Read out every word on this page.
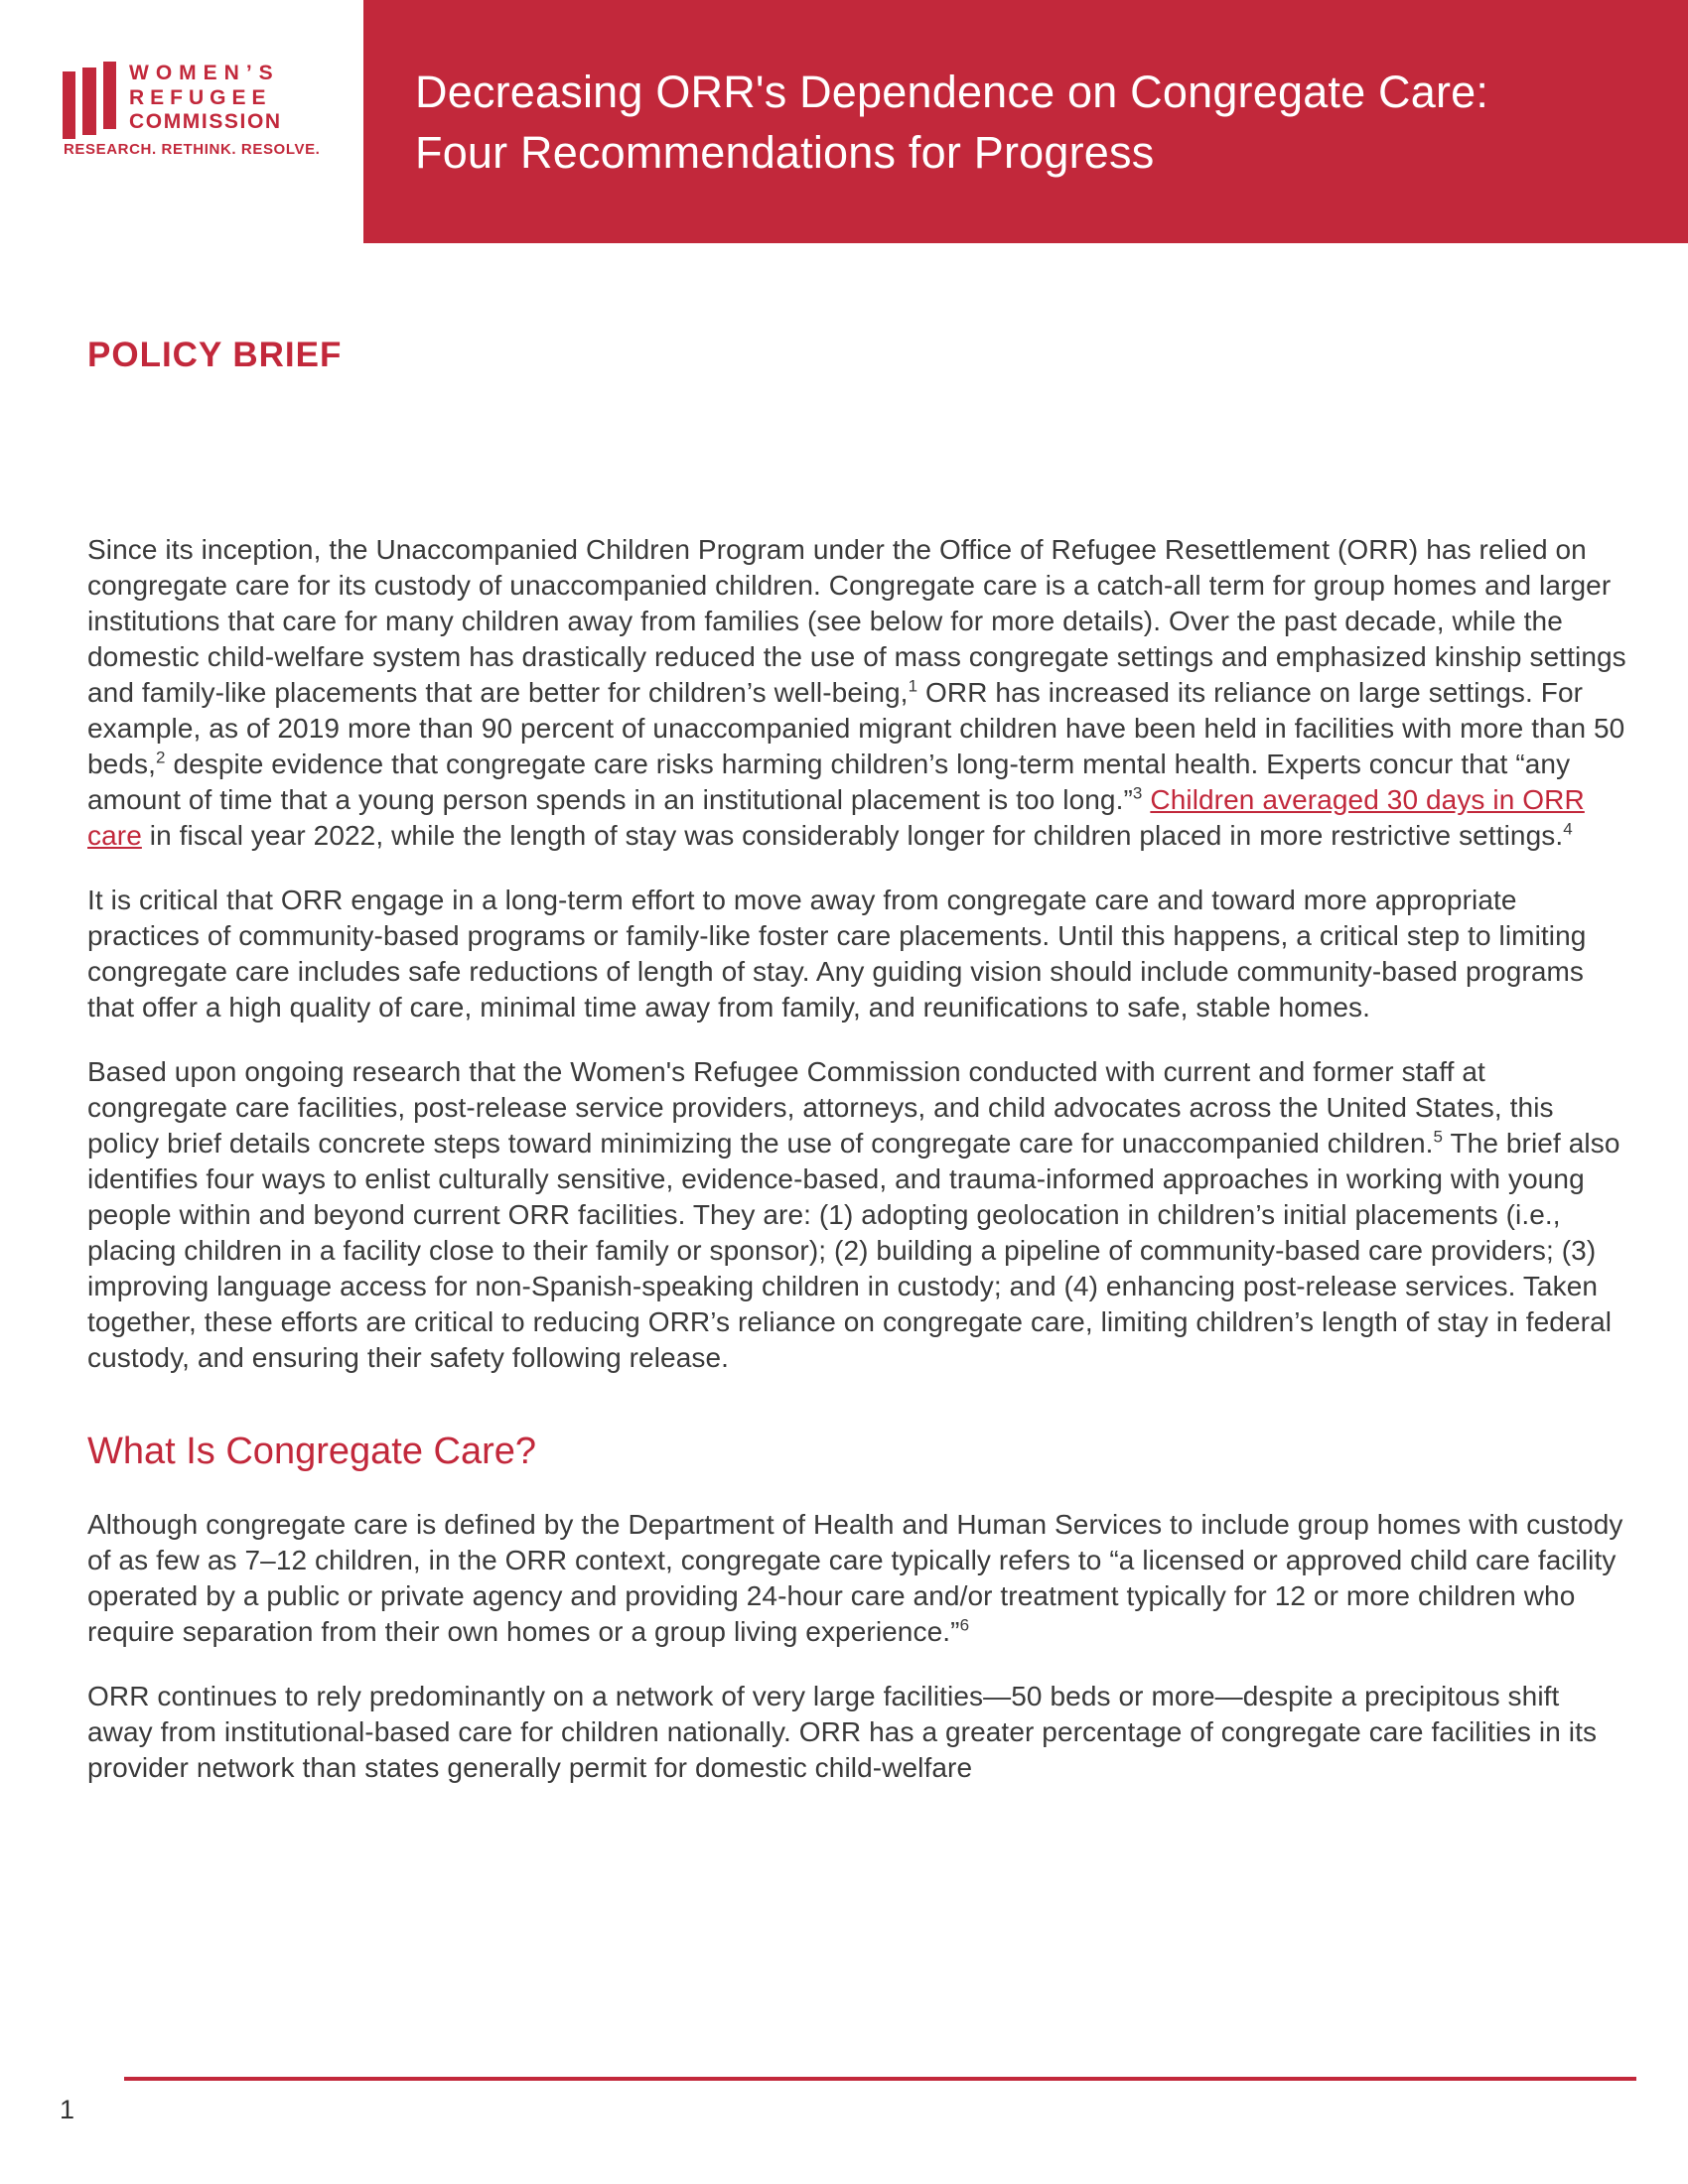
WOMEN’S
REFUGEE
COMMISSION
RESEARCH. RETHINK. RESOLVE.
Decreasing ORR's Dependence on Congregate Care:
Four Recommendations for Progress
POLICY BRIEF

Since its inception, the Unaccompanied Children Program under the Office of Refugee Resettlement (ORR) has relied on congregate care for its custody of unaccompanied children. Congregate care is a catch-all term for group homes and larger institutions that care for many children away from families (see below for more details). Over the past decade, while the domestic child-welfare system has drastically reduced the use of mass congregate settings and emphasized kinship settings and family-like placements that are better for children’s well-being,$^1$ ORR has increased its reliance on large settings. For example, as of 2019 more than 90 percent of unaccompanied migrant children have been held in facilities with more than 50 beds,$^2$ despite evidence that congregate care risks harming children’s long-term mental health. Experts concur that “any amount of time that a young person spends in an institutional placement is too long.”$^3$ Children averaged 30 days in ORR care in fiscal year 2022, while the length of stay was considerably longer for children placed in more restrictive settings.$^4$

It is critical that ORR engage in a long-term effort to move away from congregate care and toward more appropriate practices of community-based programs or family-like foster care placements. Until this happens, a critical step to limiting congregate care includes safe reductions of length of stay. Any guiding vision should include community-based programs that offer a high quality of care, minimal time away from family, and reunifications to safe, stable homes.

Based upon ongoing research that the Women's Refugee Commission conducted with current and former staff at congregate care facilities, post-release service providers, attorneys, and child advocates across the United States, this policy brief details concrete steps toward minimizing the use of congregate care for unaccompanied children.$^5$ The brief also identifies four ways to enlist culturally sensitive, evidence-based, and trauma-informed approaches in working with young people within and beyond current ORR facilities. They are: (1) adopting geolocation in children’s initial placements (i.e., placing children in a facility close to their family or sponsor); (2) building a pipeline of community-based care providers; (3) improving language access for non-Spanish-speaking children in custody; and (4) enhancing post-release services. Taken together, these efforts are critical to reducing ORR’s reliance on congregate care, limiting children’s length of stay in federal custody, and ensuring their safety following release.

What Is Congregate Care?

Although congregate care is defined by the Department of Health and Human Services to include group homes with custody of as few as 7–12 children, in the ORR context, congregate care typically refers to “a licensed or approved child care facility operated by a public or private agency and providing 24-hour care and/or treatment typically for 12 or more children who require separation from their own homes or a group living experience.”$^6$

ORR continues to rely predominantly on a network of very large facilities—50 beds or more—despite a precipitous shift away from institutional-based care for children nationally. ORR has a greater percentage of congregate care facilities in its provider network than states generally permit for domestic child-welfare

1
